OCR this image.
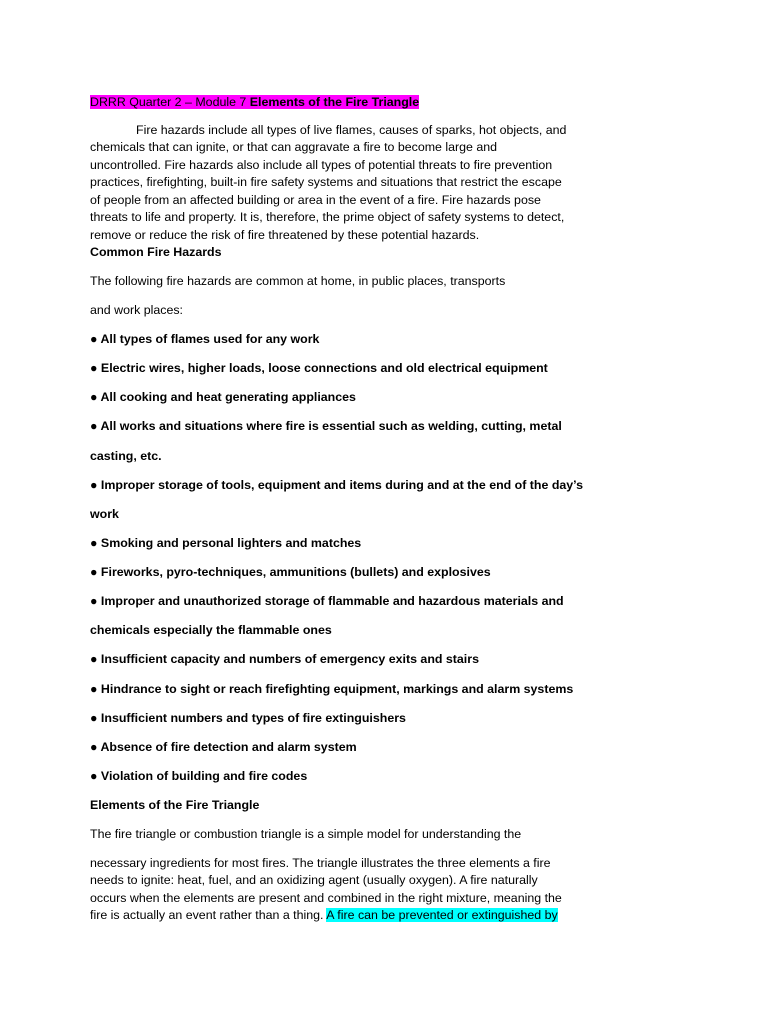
DRRR Quarter 2 – Module 7 Elements of the Fire Triangle

Fire hazards include all types of live flames, causes of sparks, hot objects, and

chemicals that can ignite, or that can aggravate a fire to become large and

uncontrolled. Fire hazards also include all types of potential threats to fire prevention

practices, firefighting, built-in fire safety systems and situations that restrict the escape

of people from an affected building or area in the event of a fire. Fire hazards pose

threats to life and property. It is, therefore, the prime object of safety systems to detect,

remove or reduce the risk of fire threatened by these potential hazards.

Common Fire Hazards

The following fire hazards are common at home, in public places, transports

and work places:

● All types of flames used for any work

● Electric wires, higher loads, loose connections and old electrical equipment

● All cooking and heat generating appliances

● All works and situations where fire is essential such as welding, cutting, metal

casting, etc.

● Improper storage of tools, equipment and items during and at the end of the day’s

work

● Smoking and personal lighters and matches

● Fireworks, pyro-techniques, ammunitions (bullets) and explosives

● Improper and unauthorized storage of flammable and hazardous materials and

chemicals especially the flammable ones

● Insufficient capacity and numbers of emergency exits and stairs

● Hindrance to sight or reach firefighting equipment, markings and alarm systems

● Insufficient numbers and types of fire extinguishers

● Absence of fire detection and alarm system

● Violation of building and fire codes

Elements of the Fire Triangle

The fire triangle or combustion triangle is a simple model for understanding the

necessary ingredients for most fires. The triangle illustrates the three elements a fire

needs to ignite: heat, fuel, and an oxidizing agent (usually oxygen). A fire naturally

occurs when the elements are present and combined in the right mixture, meaning the

fire is actually an event rather than a thing. A fire can be prevented or extinguished by
